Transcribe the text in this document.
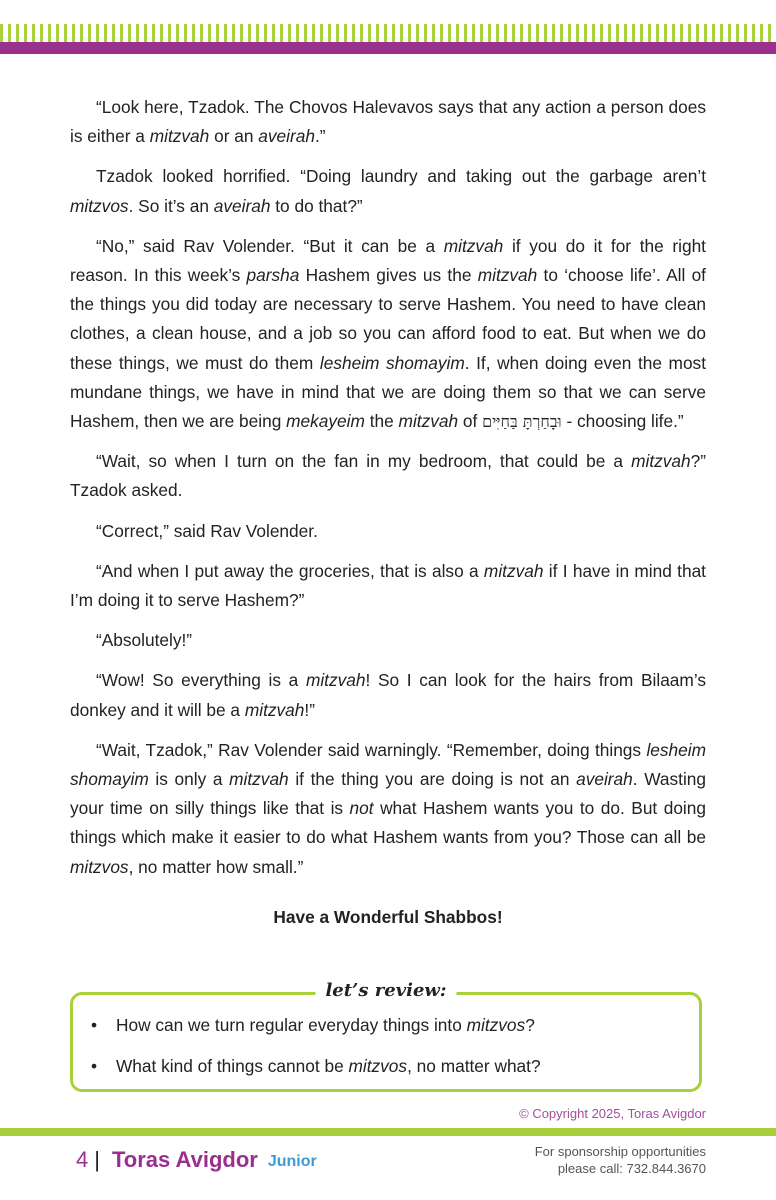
“Look here, Tzadok. The Chovos Halevavos says that any action a person does is either a mitzvah or an aveirah.”

Tzadok looked horrified. “Doing laundry and taking out the garbage aren’t mitzvos. So it’s an aveirah to do that?”

“No,” said Rav Volender. “But it can be a mitzvah if you do it for the right reason. In this week’s parsha Hashem gives us the mitzvah to ‘choose life’. All of the things you did today are necessary to serve Hashem. You need to have clean clothes, a clean house, and a job so you can afford food to eat. But when we do these things, we must do them lesheim shomayim. If, when doing even the most mundane things, we have in mind that we are doing them so that we can serve Hashem, then we are being mekayeim the mitzvah of וּבָחַרְתָּ בַּחַיִּים - choosing life.”

“Wait, so when I turn on the fan in my bedroom, that could be a mitzvah?” Tzadok asked.

“Correct,” said Rav Volender.

“And when I put away the groceries, that is also a mitzvah if I have in mind that I’m doing it to serve Hashem?”

“Absolutely!”

“Wow! So everything is a mitzvah! So I can look for the hairs from Bilaam’s donkey and it will be a mitzvah!”

“Wait, Tzadok,” Rav Volender said warningly. “Remember, doing things lesheim shomayim is only a mitzvah if the thing you are doing is not an aveirah. Wasting your time on silly things like that is not what Hashem wants you to do. But doing things which make it easier to do what Hashem wants from you? Those can all be mitzvos, no matter how small.”

Have a Wonderful Shabbos!

let’s review:
• How can we turn regular everyday things into mitzvos?
• What kind of things cannot be mitzvos, no matter what?
© Copyright 2025, Toras Avigdor
4 | Toras Avigdor Junior
For sponsorship opportunities
please call: 732.844.3670
